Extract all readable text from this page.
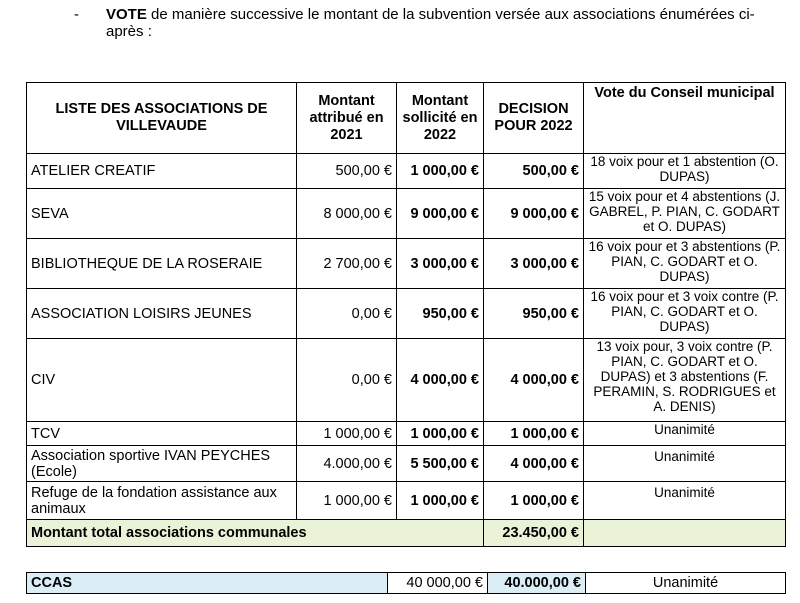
- VOTE de manière successive le montant de la subvention versée aux associations énumérées ci-après :
LISTE DES ASSOCIATIONS DE VILLEVAUDE	Montant attribué en 2021	Montant sollicité en 2022	DECISION POUR 2022	Vote du Conseil municipal
ATELIER CREATIF	500,00 €	1 000,00 €	500,00 €	18 voix pour et 1 abstention (O. DUPAS)
SEVA	8 000,00 €	9 000,00 €	9 000,00 €	15 voix pour et 4 abstentions (J. GABREL, P. PIAN, C. GODART et O. DUPAS)
BIBLIOTHEQUE DE LA ROSERAIE	2 700,00 €	3 000,00 €	3 000,00 €	16 voix pour et 3 abstentions (P. PIAN, C. GODART et O. DUPAS)
ASSOCIATION LOISIRS JEUNES	0,00 €	950,00 €	950,00 €	16 voix pour et 3 voix contre (P. PIAN, C. GODART et O. DUPAS)
CIV	0,00 €	4 000,00 €	4 000,00 €	13 voix pour, 3 voix contre (P. PIAN, C. GODART et O. DUPAS) et 3 abstentions (F. PERAMIN, S. RODRIGUES et A. DENIS)
TCV	1 000,00 €	1 000,00 €	1 000,00 €	Unanimité
Association sportive IVAN PEYCHES (Ecole)	4.000,00 €	5 500,00 €	4 000,00 €	Unanimité
Refuge de la fondation assistance aux animaux	1 000,00 €	1 000,00 €	1 000,00 €	Unanimité
Montant total associations communales			23.450,00 €	
CCAS	40 000,00 €	40.000,00 €	Unanimité
